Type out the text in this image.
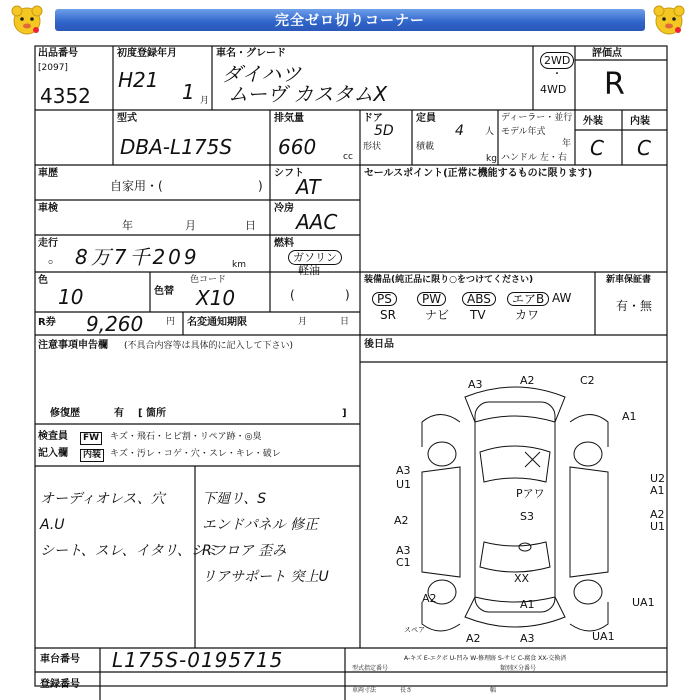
完全ゼロ切りコーナー
出品番号
[2097]
4352
初度登録年月
H21 1 月
車名・グレード
ダイハツ
ムーヴ カスタムX
2WD
・
4WD
評価点
R
型式
DBA-L175S
排気量
660	cc
ドア
5D
形状
定員
4 人
積載
kg
ディーラー・並行
モデル年式
年
ハンドル 左・右
外装	内装
C C
車歴
自家用・(	)
シフト
AT
車検
年	月	日
冷房
AAC
走行
。 8万7千209	km
燃料
ガソリン
軽油
(	)
色
10	色替
色コード
X10
R券 9,260	円 名変通知期限	月	日
セールスポイント(正常に機能するものに限ります)
装備品(純正品に限り○をつけてください)	新車保証書
有・無
PS	PW	ABS	エアB AW
SR ナビ TV カワ
後日品
注意事項申告欄 (不具合内容等は具体的に記入して下さい)
修復歴	有 [ 箇所	]
検査員
記入欄
FW	キズ・飛石・ヒビ割・リペア跡・◎臭
内装 キズ・汚レ・コゲ・穴・スレ・キレ・破レ
オーディオレス、穴
A.U
シート、スレ、イタリ、シミ
下廻リ、S
エンドパネル 修正
Rフロア 歪み
リアサポート 突上U
A3	A2	C2
A1
A3
U1	U2
A1
A2	A2
U1
A3
C1
A2	UA1
A1
A2	A3	UA1
Pアワ
S3
XX
スペア
A-キズ E-エクボ U-凹み W-修理跡 S-サビ C-腐食 XX-交換済
車台番号 L175S-0195715
登録番号
型式指定番号	類別区分番号
車両寸法	長さ	幅
